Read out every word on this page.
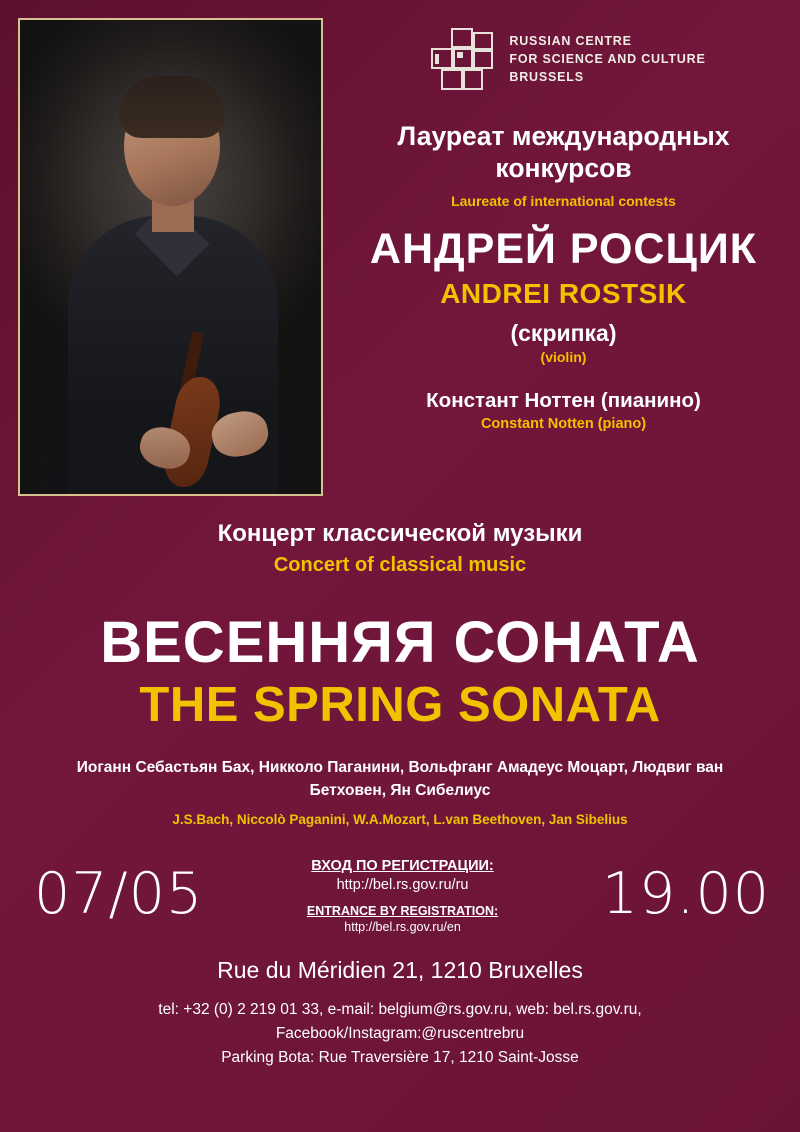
RUSSIAN CENTRE
FOR SCIENCE AND CULTURE
BRUSSELS

Лауреат международных конкурсов

Laureate of international contests

АНДРЕЙ РОСЦИК

ANDREI ROSTSIK

(скрипка)

(violin)

Констант Ноттен (пианино)

Constant Notten (piano)

Концерт классической музыки

Concert of classical music

ВЕСЕННЯЯ СОНАТА
THE SPRING SONATA

Иоганн Себастьян Бах, Никколо Паганини, Вольфганг Амадеус Моцарт, Людвиг ван Бетховен, Ян Сибелиус

J.S.Bach, Niccolò Paganini, W.A.Mozart, L.van Beethoven, Jan Sibelius

07/05	ВХОД ПО РЕГИСТРАЦИИ:
http://bel.rs.gov.ru/ru
ENTRANCE BY REGISTRATION:
http://bel.rs.gov.ru/en
19.00
Rue du Méridien 21, 1210 Bruxelles
tel: +32 (0) 2 219 01 33, e-mail: belgium@rs.gov.ru, web: bel.rs.gov.ru,
Facebook/Instagram:@ruscentrebru
Parking Bota: Rue Traversière 17, 1210 Saint-Josse
